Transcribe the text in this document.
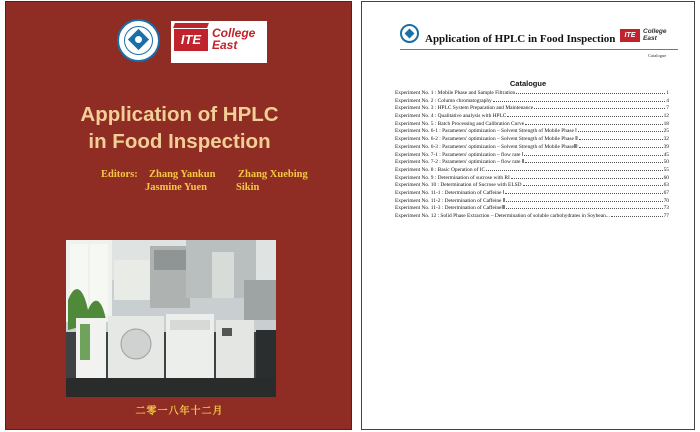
ITE College
East
Application of HPLC
in Food Inspection
Editors: Zhang Yankun Zhang Xuebing
Jasmine Yuen	Sikin
二零一八年十二月
Application of HPLC in Food Inspection	ITE
College
East
Catalogue
Catalogue
Experiment No. 1 : Mobile Phase and Sample Filtration	1
Experiment No. 2 : Column chromatography	4
Experiment No. 3 : HPLC System Preparation and Maintenance	7
Experiment No. 4 : Qualitative analysis with HPLC	12
Experiment No. 5 : Batch Processing and Calibration Curve	18
Experiment No. 6-1 : Parameters' optimization – Solvent Strength of Mobile Phase Ⅰ	25
Experiment No. 6-2 : Parameters' optimization – Solvent Strength of Mobile Phase Ⅱ	32
Experiment No. 6-3 : Parameters' optimization – Solvent Strength of Mobile PhaseⅢ	39
Experiment No. 7-1 : Parameters' optimization – flow rate Ⅰ	45
Experiment No. 7-2 : Parameters' optimization – flow rate Ⅱ	50
Experiment No. 8 : Basic Operation of IC	55
Experiment No. 9 : Determination of sucrose with RI	60
Experiment No. 10 : Determination of Sucrose with ELSD	63
Experiment No. 11-1 : Determination of Caffeine Ⅰ	67
Experiment No. 11-2 : Determination of Caffeine Ⅱ	70
Experiment No. 11-3 : Determination of CaffeineⅢ	73
Experiment No. 12 : Solid Phase Extraction – Determination of soluble carbohydrates in Soybean...	77
